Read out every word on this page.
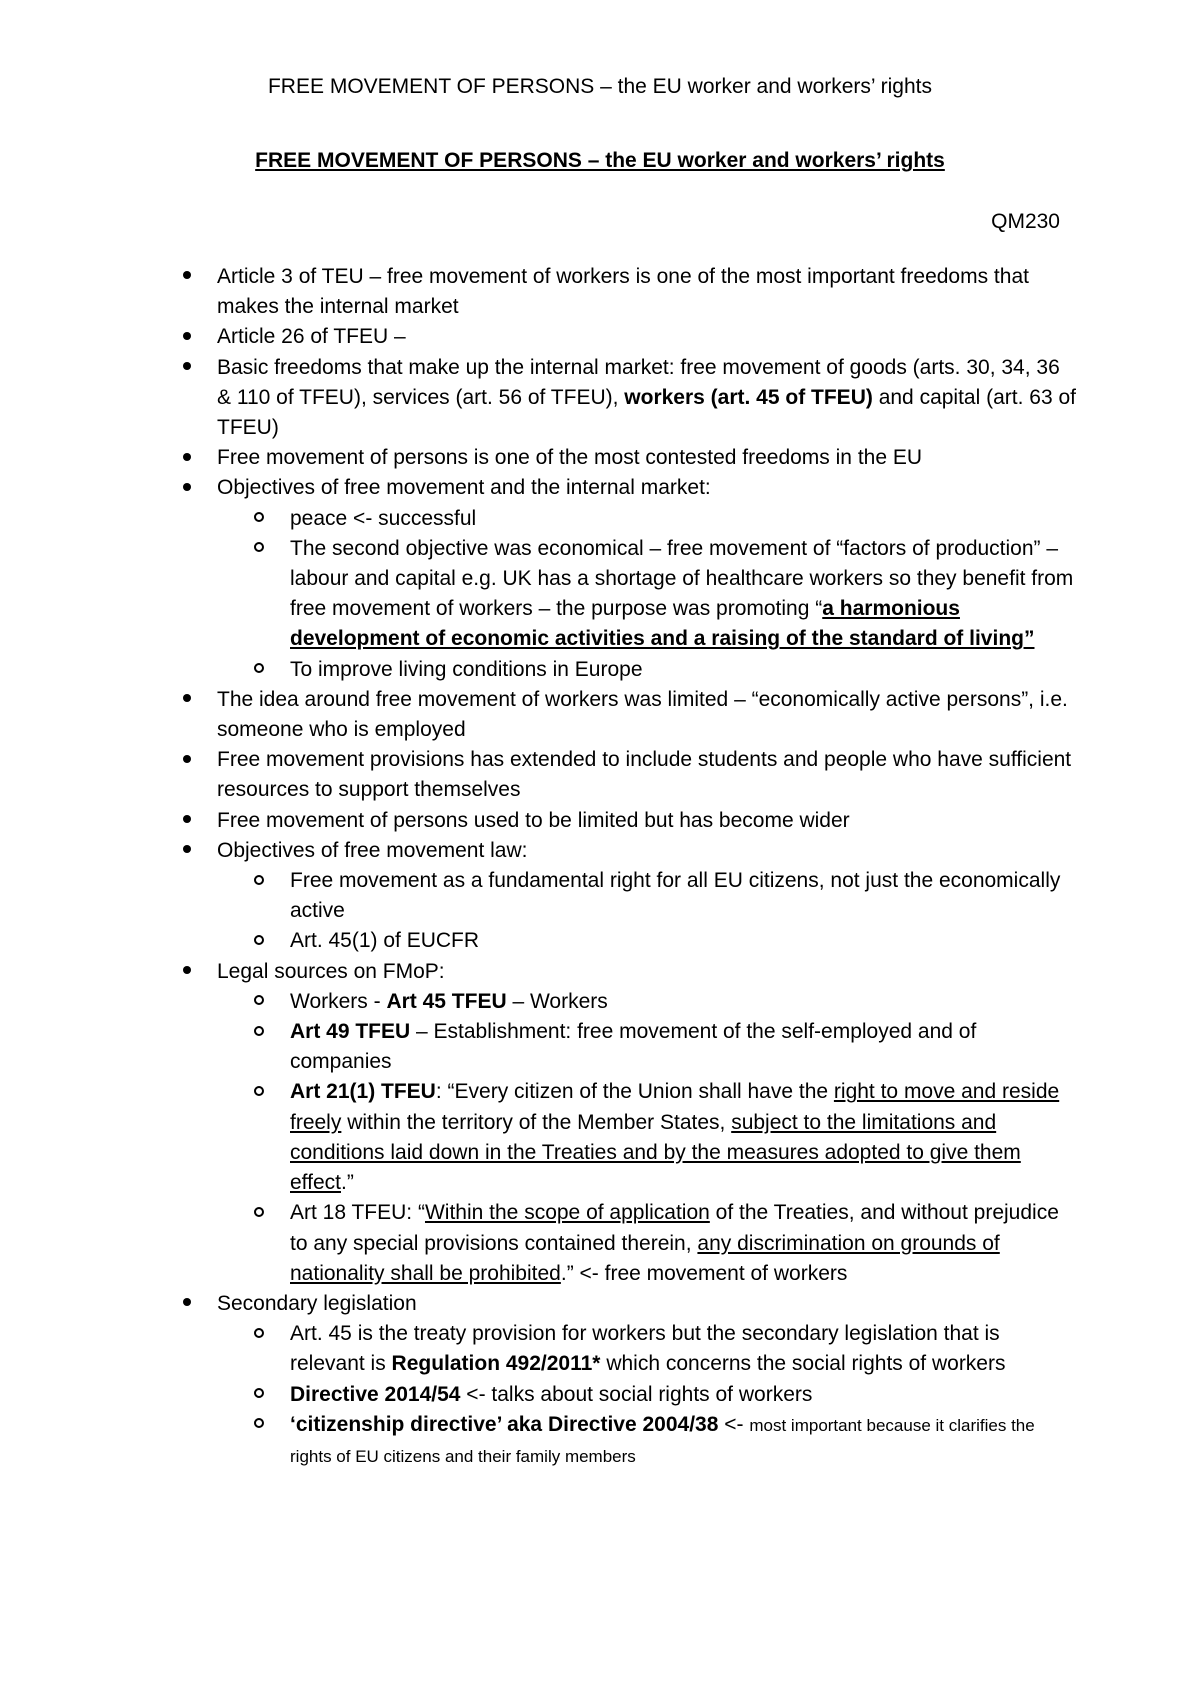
FREE MOVEMENT OF PERSONS – the EU worker and workers’ rights
FREE MOVEMENT OF PERSONS – the EU worker and workers’ rights
QM230
Article 3 of TEU – free movement of workers is one of the most important freedoms that makes the internal market
Article 26 of TFEU –
Basic freedoms that make up the internal market: free movement of goods (arts. 30, 34, 36 & 110 of TFEU), services (art. 56 of TFEU), workers (art. 45 of TFEU) and capital (art. 63 of TFEU)
Free movement of persons is one of the most contested freedoms in the EU
Objectives of free movement and the internal market:
peace <- successful
The second objective was economical – free movement of “factors of production” – labour and capital e.g. UK has a shortage of healthcare workers so they benefit from free movement of workers – the purpose was promoting “a harmonious development of economic activities and a raising of the standard of living”
To improve living conditions in Europe
The idea around free movement of workers was limited – “economically active persons”, i.e. someone who is employed
Free movement provisions has extended to include students and people who have sufficient resources to support themselves
Free movement of persons used to be limited but has become wider
Objectives of free movement law:
Free movement as a fundamental right for all EU citizens, not just the economically active
Art. 45(1) of EUCFR
Legal sources on FMoP:
Workers - Art 45 TFEU – Workers
Art 49 TFEU – Establishment: free movement of the self-employed and of companies
Art 21(1) TFEU: “Every citizen of the Union shall have the right to move and reside freely within the territory of the Member States, subject to the limitations and conditions laid down in the Treaties and by the measures adopted to give them effect.”
Art 18 TFEU: “Within the scope of application of the Treaties, and without prejudice to any special provisions contained therein, any discrimination on grounds of nationality shall be prohibited.” <- free movement of workers
Secondary legislation
Art. 45 is the treaty provision for workers but the secondary legislation that is relevant is Regulation 492/2011* which concerns the social rights of workers
Directive 2014/54 <- talks about social rights of workers
‘citizenship directive’ aka Directive 2004/38 <- most important because it clarifies the rights of EU citizens and their family members
